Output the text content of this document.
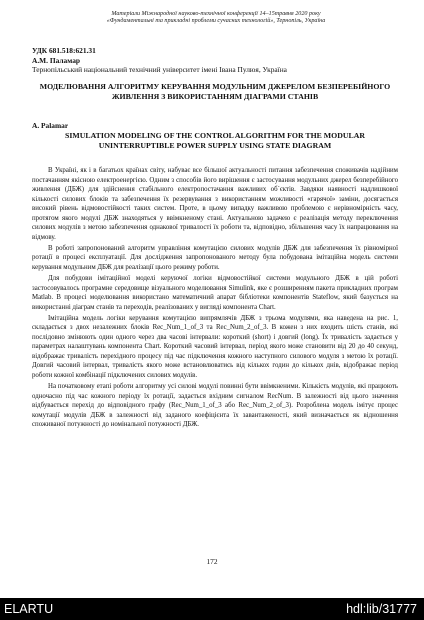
Матеріали Міжнародної науково-технічної конференції 14–15травня 2020 року
«Фундаментальні та прикладні проблеми сучасних технологій», Тернопіль, Україна
УДК 681.518:621.31
А.М. Паламар
Тернопільський національний технічний університет імені Івана Пулюя, Україна
МОДЕЛЮВАННЯ АЛГОРИТМУ КЕРУВАННЯ МОДУЛЬНИМ ДЖЕРЕЛОМ БЕЗПЕРЕБІЙНОГО ЖИВЛЕННЯ З ВИКОРИСТАННЯМ ДІАГРАМИ СТАНІВ
A. Palamar
SIMULATION MODELING OF THE CONTROL ALGORITHM FOR THE MODULAR UNINTERRUPTIBLE POWER SUPPLY USING STATE DIAGRAM

В Україні, як і в багатьох країнах світу, набуває все більшої актуальності питання забезпечення споживачів надійним постачанням якісною електроенергією. Одним з способів його вирішення є застосування модульних джерел безперебійного живлення (ДБЖ) для здійснення стабільного електропостачання важливих об`єктів. Завдяки наявності надлишкової кількості силових блоків та забезпечення їх резервування з використанням можливості «гарячої» заміни, досягається високий рівень відмовостійкості таких систем. Проте, в цьому випадку важливою проблемою є нерівномірність часу, протягом якого модулі ДБЖ знаходяться у ввімкненому стані. Актуальною задачею є реалізація методу переключення силових модулів з метою забезпечення однакової тривалості їх роботи та, відповідно, збільшення часу їх напрацювання на відмову.

В роботі запропонований алгоритм управління комутацією силових модулів ДБЖ для забезпечення їх рівномірної ротації в процесі експлуатації. Для дослідження запропонованого методу була побудована імітаційна модель системи керування модульним ДБЖ для реалізації цього режиму роботи.

Для побудови імітаційної моделі керуючої логіки відмовостійкої системи модульного ДБЖ в цій роботі застосовувалось програмне середовище візуального моделювання Simulink, яке є розширенням пакета прикладних програм Matlab. В процесі моделювання використано математичний апарат бібліотеки компонентів Stateflow, який базується на використанні діаграм станів та переходів, реалізованих у вигляді компонента Chart.

Імітаційна модель логіки керування комутацією випрямлячів ДБЖ з трьома модулями, яка наведена на рис. 1, складається з двох незалежних блоків Rec_Num_1_of_3 та Rec_Num_2_of_3. В кожен з них входить шість станів, які послідовно змінюють один одного через два часові інтервали: короткий (short) і довгий (long). Їх тривалість задається у параметрах налаштувань компонента Chart. Короткий часовий інтервал, період якого може становити від 20 до 40 секунд, відображає тривалість перехідного процесу під час підключення кожного наступного силового модуля з метою їх ротації. Довгий часовий інтервал, тривалість якого може встановлюватись від кількох годин до кількох днів, відображає період роботи кожної комбінації підключених силових модулів.

На початковому етапі роботи алгоритму усі силові модулі повинні бути ввімкненими. Кількість модулів, які працюють одночасно під час кожного періоду їх ротації, задається вхідним сигналом RecNum. В залежності від цього значення відбувається перехід до відповідного графу (Rec_Num_1_of_3 або Rec_Num_2_of_3). Розроблена модель імітує процес комутації модулів ДБЖ в залежності від заданого коефіцієнта їх завантаженості, який визначається як відношення споживаної потужності до номінальної потужності ДБЖ.

172
ELARTU	hdl:lib/31777
